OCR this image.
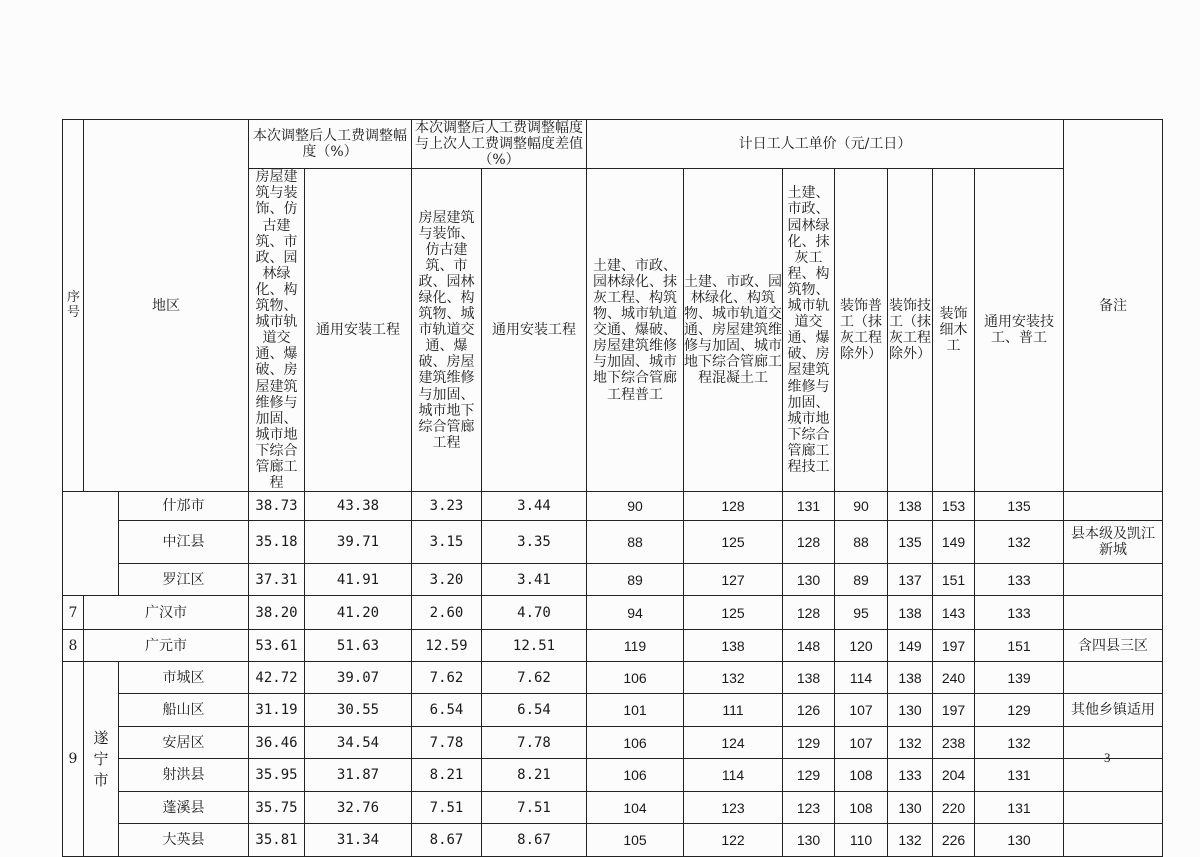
序号	地区		本次调整后人工费调整幅度（%）		本次调整后人工费调整幅度与上次人工费调整幅度差值（%）		计日工人工单价（元/工日）							备注
			房屋建筑与装饰、仿古建筑、市政、园林绿化、构筑物、城市轨道交通、爆破、房屋建筑维修与加固、城市地下综合管廊工程	通用安装工程	房屋建筑与装饰、仿古建筑、市政、园林绿化、构筑物、城市轨道交通、爆破、房屋建筑维修与加固、城市地下综合管廊工程	通用安装工程	土建、市政、园林绿化、抹灰工程、构筑物、城市轨道交通、爆破、房屋建筑维修与加固、城市地下综合管廊工程普工	土建、市政、园林绿化、构筑物、城市轨道交通、房屋建筑维修与加固、城市地下综合管廊工程混凝土工	土建、市政、园林绿化、抹灰工程、构筑物、城市轨道交通、爆破、房屋建筑维修与加固、城市地下综合管廊工程技工	装饰普工（抹灰工程除外）	装饰技工（抹灰工程除外）	装饰细木工	通用安装技工、普工	
		什邡市	38.73	43.38	3.23	3.44	90	128	131	90	138	153	135	
		中江县	35.18	39.71	3.15	3.35	88	125	128	88	135	149	132	县本级及凯江新城
		罗江区	37.31	41.91	3.20	3.41	89	127	130	89	137	151	133	
7	广汉市		38.20	41.20	2.60	4.70	94	125	128	95	138	143	133	
8	广元市		53.61	51.63	12.59	12.51	119	138	148	120	149	197	151	含四县三区
9	遂宁市	市城区	42.72	39.07	7.62	7.62	106	132	138	114	138	240	139	
		船山区	31.19	30.55	6.54	6.54	101	111	126	107	130	197	129	其他乡镇适用
		安居区	36.46	34.54	7.78	7.78	106	124	129	107	132	238	132	
		射洪县	35.95	31.87	8.21	8.21	106	114	129	108	133	204	131	
		蓬溪县	35.75	32.76	7.51	7.51	104	123	123	108	130	220	131	
		大英县	35.81	31.34	8.67	8.67	105	122	130	110	132	226	130	
3
